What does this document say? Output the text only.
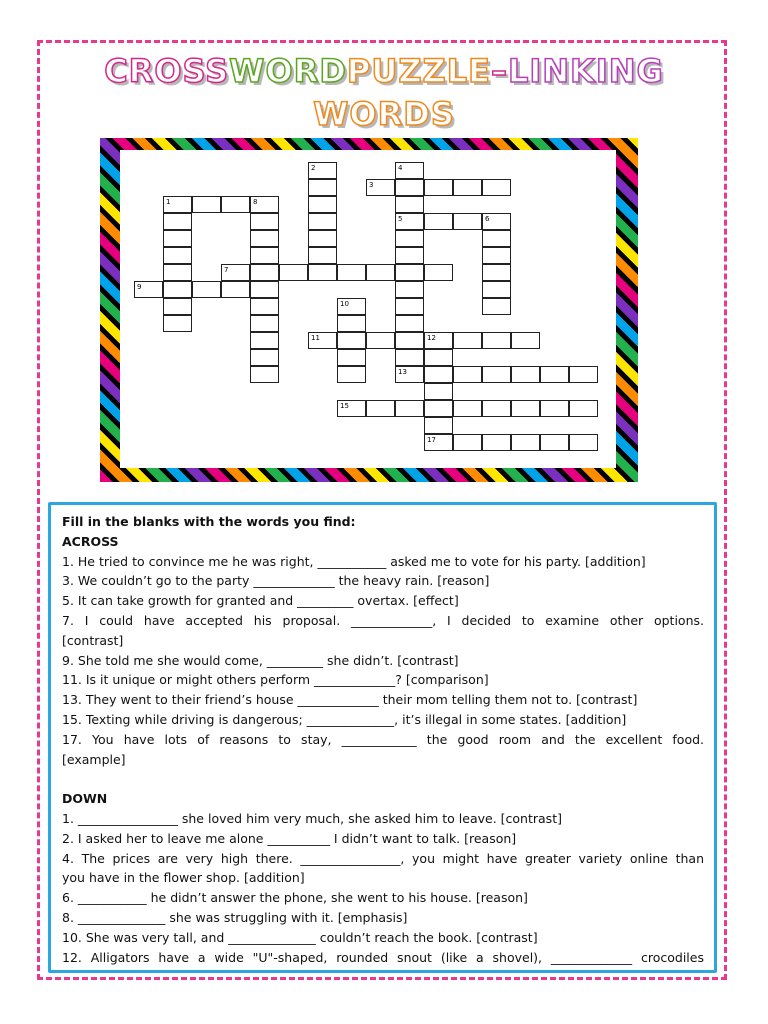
CROSSWORDPUZZLE–LINKING
WORDS
1	8
2	4
5
3
6
7
9
10
11	12
17
13
15
Fill in the blanks with the words you find:
ACROSS
1. He tried to convince me he was right, ___________ asked me to vote for his party. [addition]
3. We couldn’t go to the party _____________ the heavy rain. [reason]
5. It can take growth for granted and _________ overtax. [effect]
7. I could have accepted his proposal. _____________, I decided to examine other options.
[contrast]
9. She told me she would come, _________ she didn’t. [contrast]
11. Is it unique or might others perform _____________? [comparison]
13. They went to their friend’s house _____________ their mom telling them not to. [contrast]
15. Texting while driving is dangerous; ______________, it’s illegal in some states. [addition]
17. You have lots of reasons to stay, ____________ the good room and the excellent food.
[example]
DOWN
1. ________________ she loved him very much, she asked him to leave. [contrast]
2. I asked her to leave me alone __________ I didn’t want to talk. [reason]
4. The prices are very high there. ________________, you might have greater variety online than
you have in the flower shop. [addition]
6. ___________ he didn’t answer the phone, she went to his house. [reason]
8. ______________ she was struggling with it. [emphasis]
10. She was very tall, and ______________ couldn’t reach the book. [contrast]
12. Alligators have a wide "U"-shaped, rounded snout (like a shovel), _____________ crocodiles
